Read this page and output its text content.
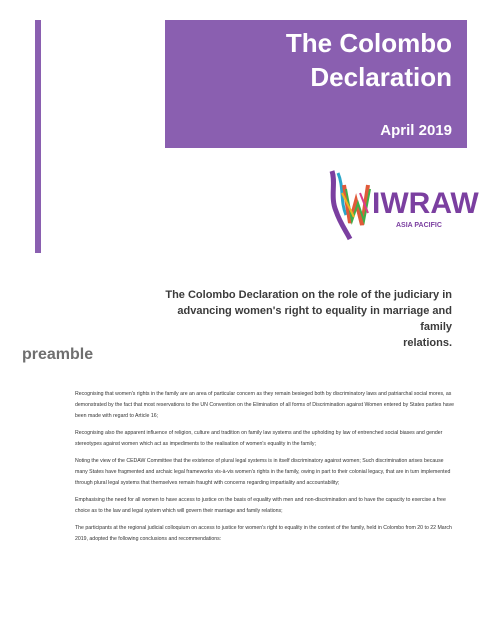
The Colombo
Declaration
April 2019
IWRAW
ASIA PACIFIC
The Colombo Declaration on the role of the judiciary in
advancing women's right to equality in marriage and family
relations.
preamble

Recognising that women's rights in the family are an area of particular concern as they remain besieged both by discriminatory laws and patriarchal social mores, as demonstrated by the fact that most reservations to the UN Convention on the Elimination of all forms of Discrimination against Women entered by States parties have been made with regard to Article 16;

Recognising also the apparent influence of religion, culture and tradition on family law systems and the upholding by law of entrenched social biases and gender stereotypes against women which act as impediments to the realisation of women's equality in the family;

Noting the view of the CEDAW Committee that the existence of plural legal systems is in itself discriminatory against women; Such discrimination arises because many States have fragmented and archaic legal frameworks vis-à-vis women's rights in the family, owing in part to their colonial legacy, that are in turn implemented through plural legal systems that themselves remain fraught with concerns regarding impartiality and accountability;

Emphasising the need for all women to have access to justice on the basis of equality with men and non-discrimination and to have the capacity to exercise a free choice as to the law and legal system which will govern their marriage and family relations;

The participants at the regional judicial colloquium on access to justice for women's right to equality in the context of the family, held in Colombo from 20 to 22 March 2019, adopted the following conclusions and recommendations:
